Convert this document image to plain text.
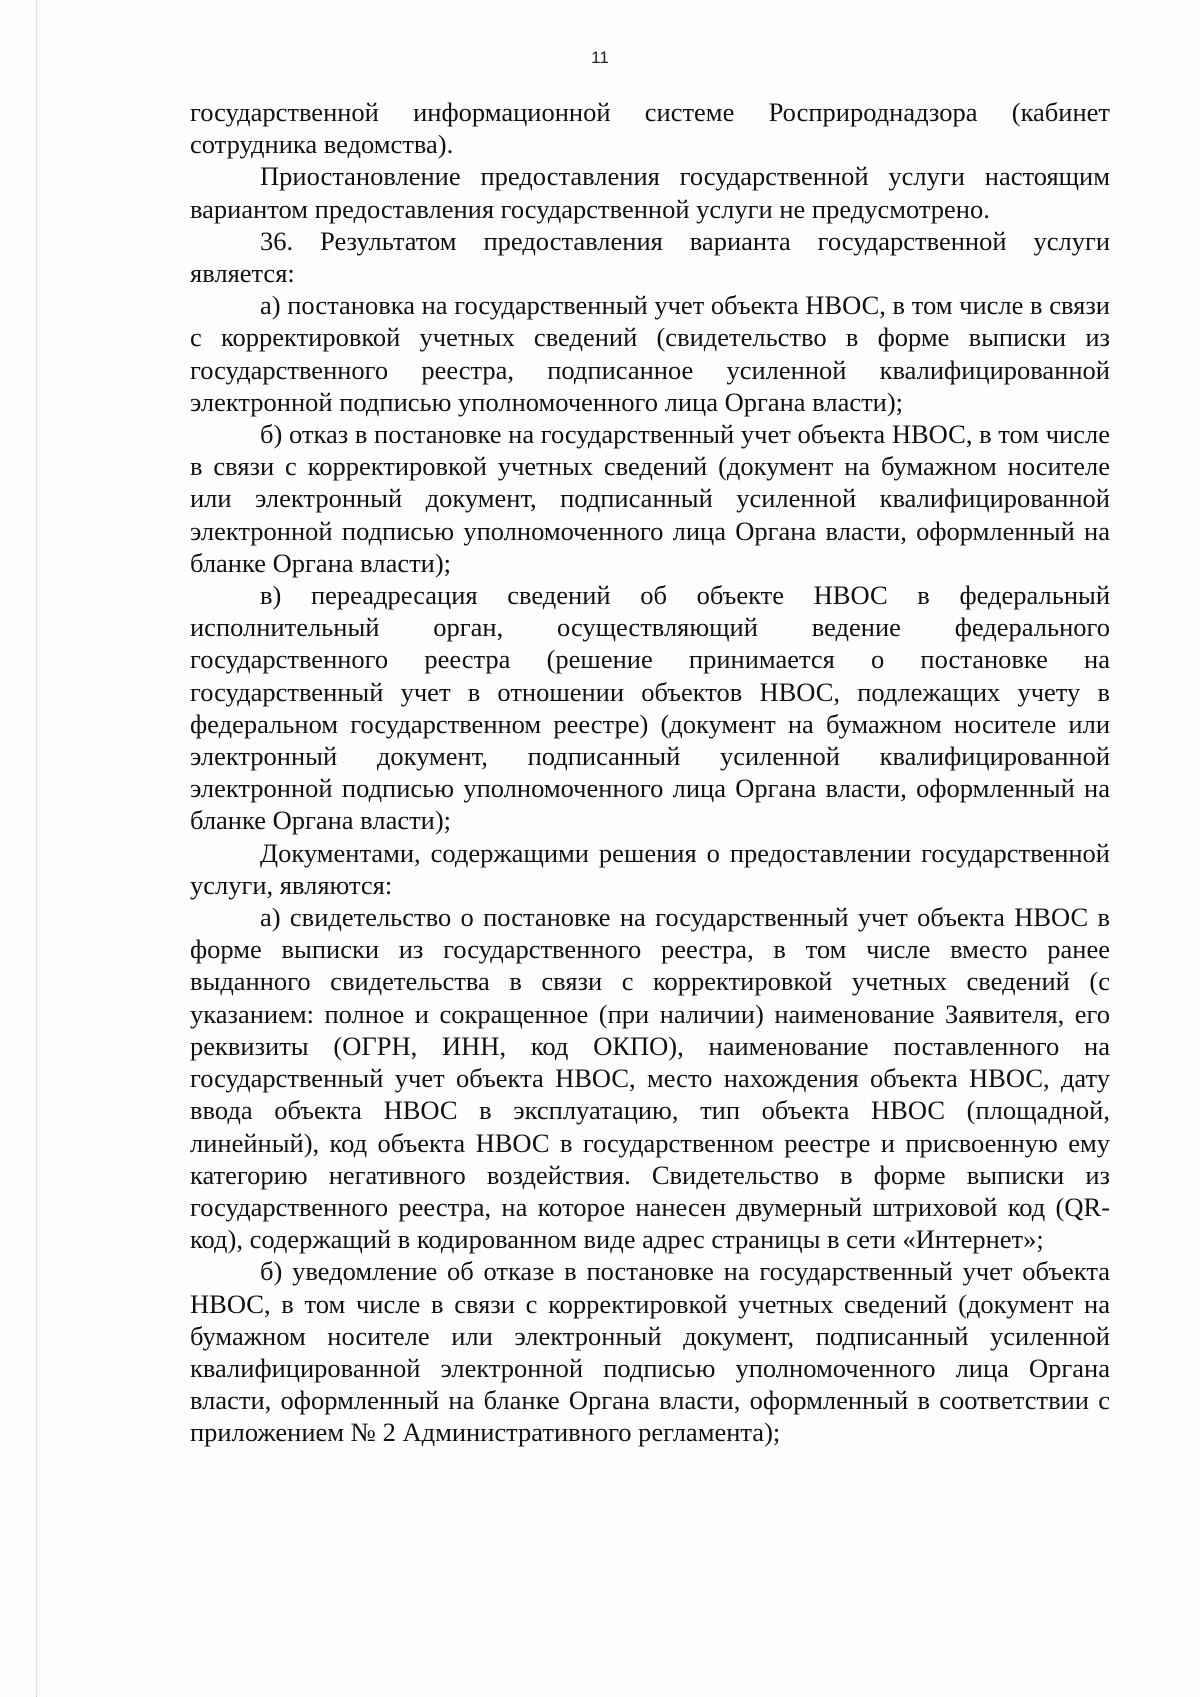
11

государственной информационной системе Росприроднадзора (кабинет сотрудника ведомства).

Приостановление предоставления государственной услуги настоящим вариантом предоставления государственной услуги не предусмотрено.

36. Результатом предоставления варианта государственной услуги является:

а) постановка на государственный учет объекта НВОС, в том числе в связи с корректировкой учетных сведений (свидетельство в форме выписки из государственного реестра, подписанное усиленной квалифицированной электронной подписью уполномоченного лица Органа власти);

б) отказ в постановке на государственный учет объекта НВОС, в том числе в связи с корректировкой учетных сведений (документ на бумажном носителе или электронный документ, подписанный усиленной квалифицированной электронной подписью уполномоченного лица Органа власти, оформленный на бланке Органа власти);

в) переадресация сведений об объекте НВОС в федеральный исполнительный орган, осуществляющий ведение федерального государственного реестра (решение принимается о постановке на государственный учет в отношении объектов НВОС, подлежащих учету в федеральном государственном реестре) (документ на бумажном носителе или электронный документ, подписанный усиленной квалифицированной электронной подписью уполномоченного лица Органа власти, оформленный на бланке Органа власти);

Документами, содержащими решения о предоставлении государственной услуги, являются:

а) свидетельство о постановке на государственный учет объекта НВОС в форме выписки из государственного реестра, в том числе вместо ранее выданного свидетельства в связи с корректировкой учетных сведений (с указанием: полное и сокращенное (при наличии) наименование Заявителя, его реквизиты (ОГРН, ИНН, код ОКПО), наименование поставленного на государственный учет объекта НВОС, место нахождения объекта НВОС, дату ввода объекта НВОС в эксплуатацию, тип объекта НВОС (площадной, линейный), код объекта НВОС в государственном реестре и присвоенную ему категорию негативного воздействия. Свидетельство в форме выписки из государственного реестра, на которое нанесен двумерный штриховой код (QR-код), содержащий в кодированном виде адрес страницы в сети «Интернет»;

б) уведомление об отказе в постановке на государственный учет объекта НВОС, в том числе в связи с корректировкой учетных сведений (документ на бумажном носителе или электронный документ, подписанный усиленной квалифицированной электронной подписью уполномоченного лица Органа власти, оформленный на бланке Органа власти, оформленный в соответствии с приложением № 2 Административного регламента);
